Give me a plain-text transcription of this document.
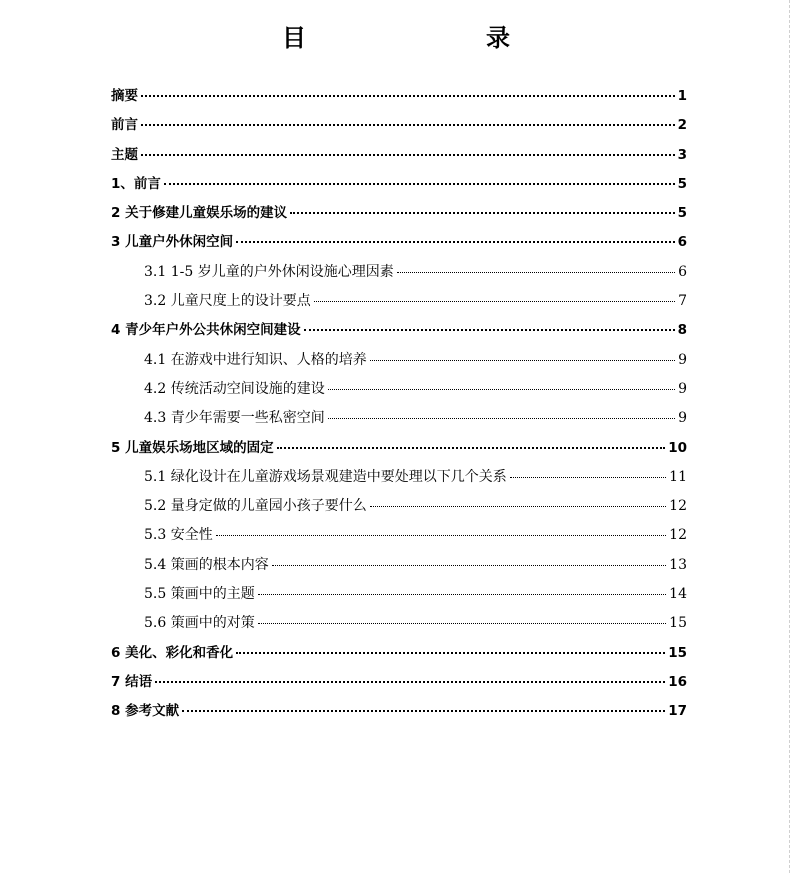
目　　录
摘要	1
前言	2
主题	3
1、前言	5
2 关于修建儿童娱乐场的建议	5
3 儿童户外休闲空间	6
3.1 1-5 岁儿童的户外休闲设施心理因素	6
3.2 儿童尺度上的设计要点	7
4 青少年户外公共休闲空间建设	8
4.1 在游戏中进行知识、人格的培养	9
4.2 传统活动空间设施的建设	9
4.3 青少年需要一些私密空间	9
5 儿童娱乐场地区域的固定	10
5.1 绿化设计在儿童游戏场景观建造中要处理以下几个关系	11
5.2 量身定做的儿童园小孩子要什么	12
5.3 安全性	12
5.4 策画的根本内容	13
5.5 策画中的主题	14
5.6 策画中的对策	15
6 美化、彩化和香化	15
7 结语	16
8 参考文献	17
